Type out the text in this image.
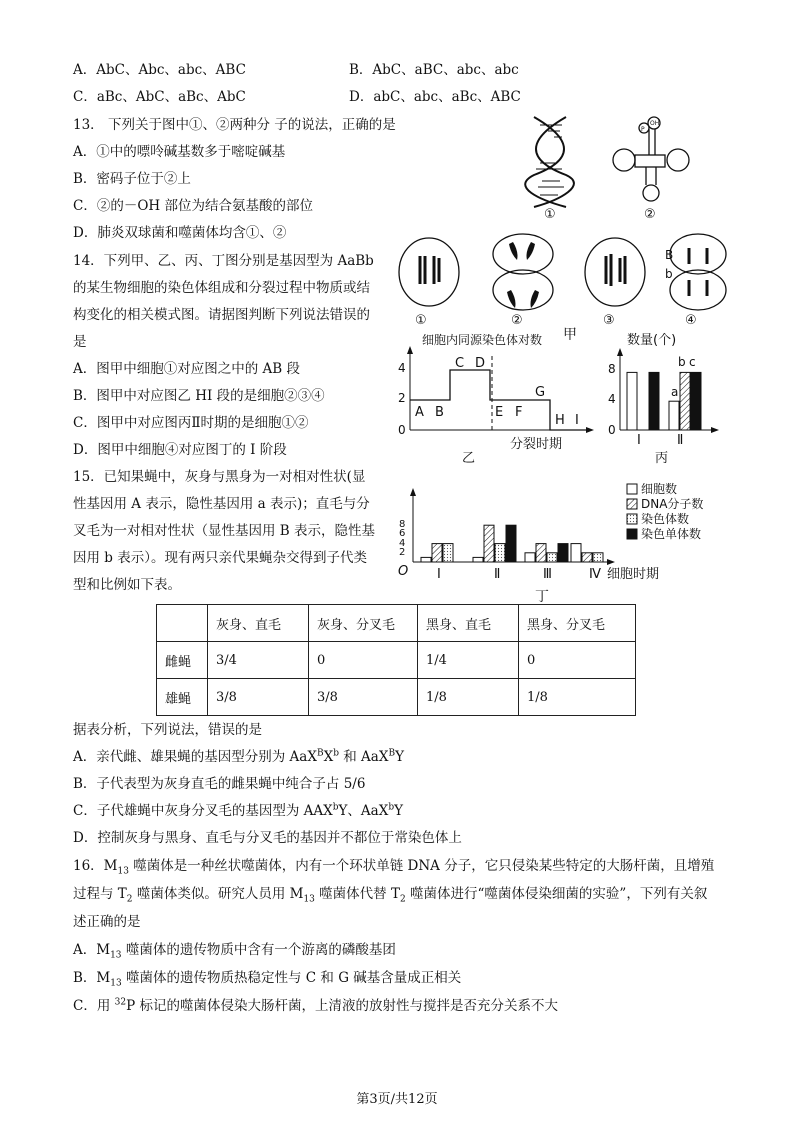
A．AbC、Abc、abc、ABC	B．AbC、aBC、abc、abc
C．aBc、AbC、aBc、AbC	D．abC、abc、aBc、ABC
13． 下列关于图中①、②两种分 子的说法，正确的是
A．①中的嘌呤碱基数多于嘧啶碱基
B．密码子位于②上
C．②的－OH 部位为结合氨基酸的部位
D．肺炎双球菌和噬菌体均含①、②
①
P
OH
②
14．下列甲、乙、丙、丁图分别是基因型为 AaBb
的某生物细胞的染色体组成和分裂过程中物质或结
构变化的相关模式图。请据图判断下列说法错误的
是
A．图甲中细胞①对应图之中的 AB 段
B．图甲中对应图乙 HI 段的是细胞②③④
C．图甲中对应图丙Ⅱ时期的是细胞①②
D．图甲中细胞④对应图丁的 I 阶段
B
b
①	②	③	④
甲
细胞内同源染色体对数
0
2
4
A B
C D
E F
G
H I
分裂时期
乙
数量(个)
0
4
8
a
b c
Ⅰ	Ⅱ
丙
15．已知果蝇中，灰身与黑身为一对相对性状(显
性基因用 A 表示，隐性基因用 a 表示)；直毛与分
叉毛为一对相对性状（显性基因用 B 表示，隐性基
因用 b 表示）。现有两只亲代果蝇杂交得到子代类
型和比例如下表。
O
2
4
6
8
Ⅰ	Ⅱ	Ⅲ	Ⅳ 细胞时期
丁
细胞数
DNA分子数
染色体数
染色单体数
	灰身、直毛	灰身、分叉毛	黑身、直毛	黑身、分叉毛
雌蝇	3/4	0	1/4	0
雄蝇	3/8	3/8	1/8	1/8
据表分析，下列说法，错误的是
A．亲代雌、雄果蝇的基因型分别为 $AaX^BX^b$ 和 AaX$^B$Y
B．子代表型为灰身直毛的雌果蝇中纯合子占 5/6
C．子代雄蝇中灰身分叉毛的基因型为 AAX$^b$Y、AaX$^b$Y
D．控制灰身与黑身、直毛与分叉毛的基因并不都位于常染色体上
16．$M_{13}$ 噬菌体是一种丝状噬菌体，内有一个环状单链 DNA 分子，它只侵染某些特定的大肠杆菌，且增殖
过程与 $T_2$ 噬菌体类似。研究人员用 $M_{13}$ 噬菌体代替 $T_2$ 噬菌体进行“噬菌体侵染细菌的实验”，下列有关叙
述正确的是
A．$M_{13}$ 噬菌体的遗传物质中含有一个游离的磷酸基团
B．$M_{13}$ 噬菌体的遗传物质热稳定性与 C 和 G 碱基含量成正相关
C．用 $^{32}$P 标记的噬菌体侵染大肠杆菌，上清液的放射性与搅拌是否充分关系不大
第3页/共12页
